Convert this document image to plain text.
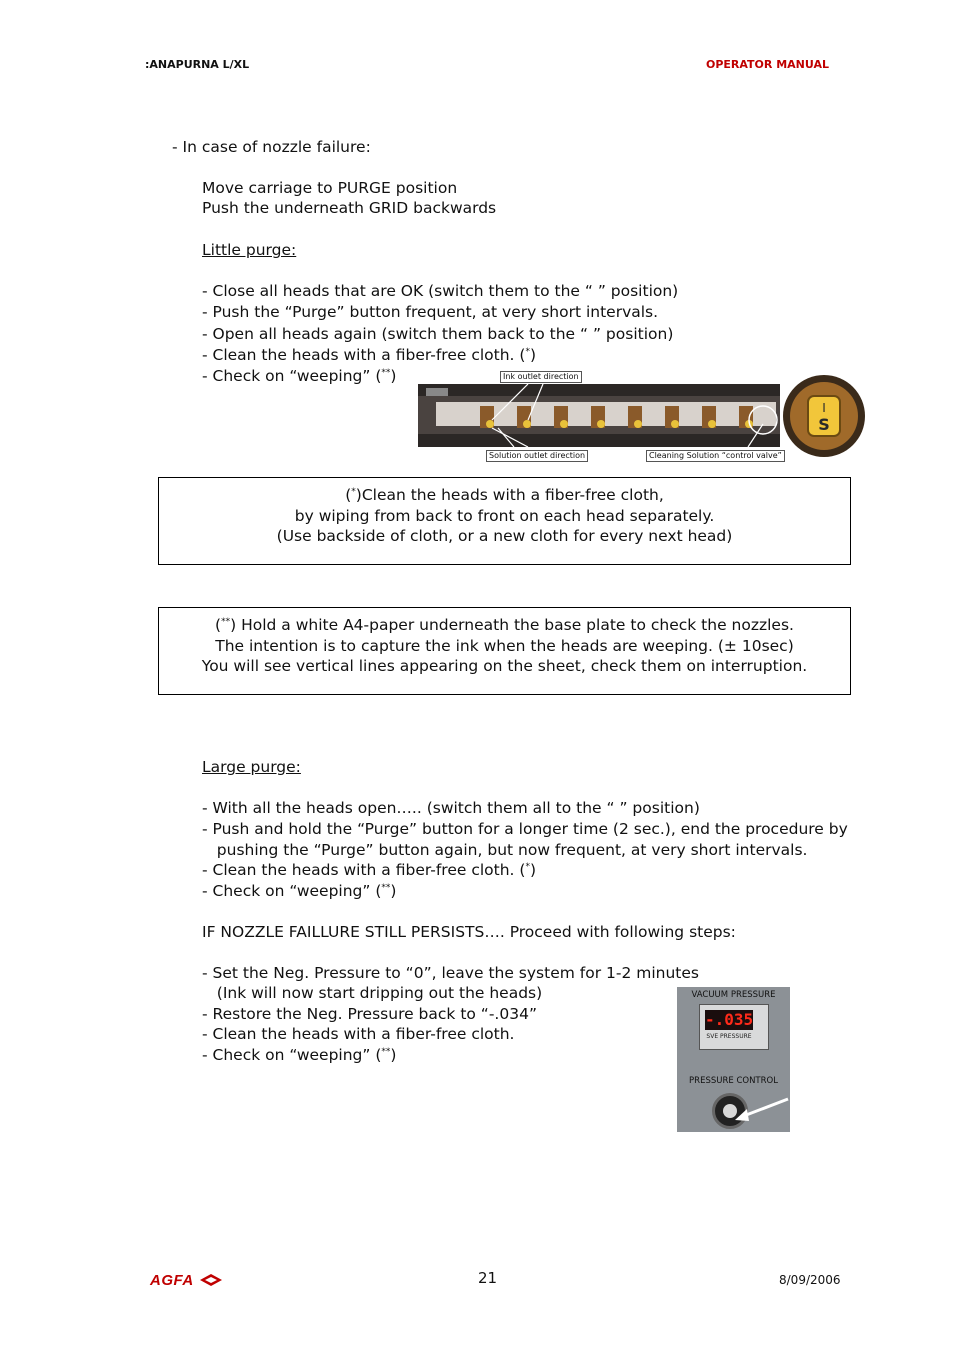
:ANAPURNA L/XL	OPERATOR MANUAL
- In case of nozzle failure:
Move carriage to PURGE position
Push the underneath GRID backwards
Little purge:
- Close all heads that are OK (switch them to the “ ” position)
- Push the “Purge” button frequent, at very short intervals.
- Open all heads again (switch them back to the “ ” position)
- Clean the heads with a fiber-free cloth. (*)
- Check on “weeping” (**)	Ink outlet direction
Solution outlet direction	Cleaning Solution “control valve”
I
S
(*)Clean the heads with a fiber-free cloth,
by wiping from back to front on each head separately.
(Use backside of cloth, or a new cloth for every next head)
(**) Hold a white A4-paper underneath the base plate to check the nozzles.
The intention is to capture the ink when the heads are weeping. (± 10sec)
You will see vertical lines appearing on the sheet, check them on interruption.
Large purge:
- With all the heads open….. (switch them all to the “ ” position)
- Push and hold the “Purge” button for a longer time (2 sec.), end the procedure by
pushing the “Purge” button again, but now frequent, at very short intervals.
- Clean the heads with a fiber-free cloth. (*)
- Check on “weeping” (**)
IF NOZZLE FAILLURE STILL PERSISTS…. Proceed with following steps:
- Set the Neg. Pressure to “0”, leave the system for 1-2 minutes
(Ink will now start dripping out the heads)
- Restore the Neg. Pressure back to “-.034”
- Clean the heads with a fiber-free cloth.
- Check on “weeping” (**)
VACUUM PRESSURE
-.035
SVE PRESSURE
PRESSURE CONTROL
AGFA	21	8/09/2006
